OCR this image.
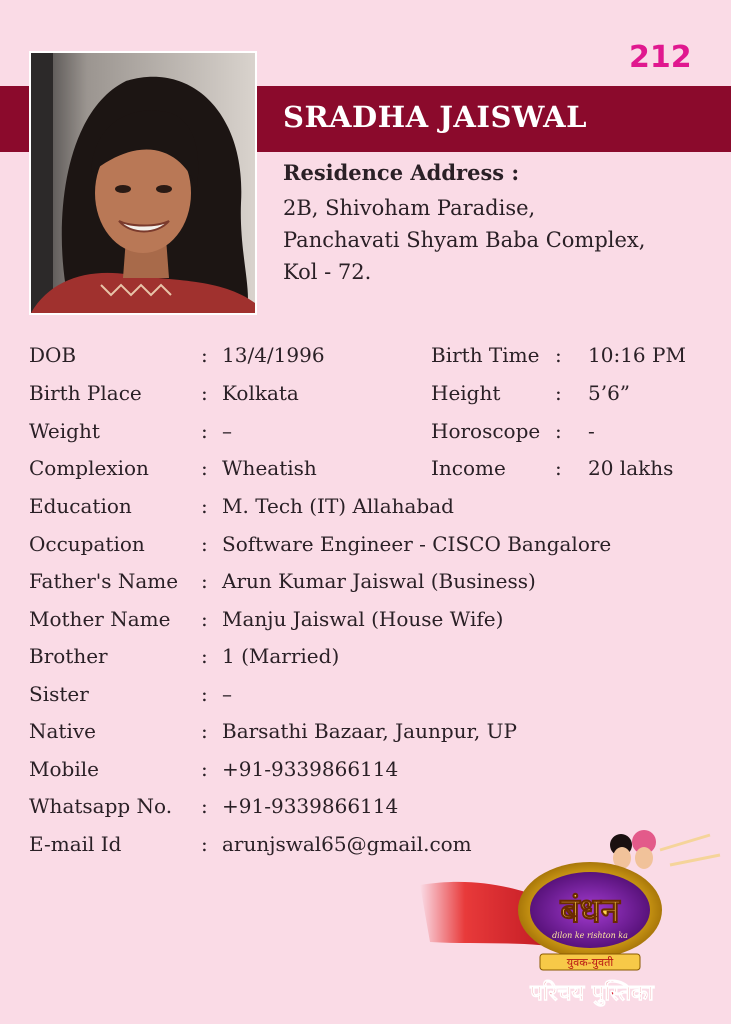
SRADHA JAISWAL
212
Residence Address :
2B, Shivoham Paradise,
Panchavati Shyam Baba Complex,
Kol - 72.
DOB	: 13/4/1996	Birth Time : 10:16 PM
Birth Place	: Kolkata	Height	: 5’6”
Weight	: –	Horoscope : -
Complexion	: Wheatish	Income : 20 lakhs
Education	: M. Tech (IT) Allahabad
Occupation	: Software Engineer - CISCO Bangalore
Father's Name : Arun Kumar Jaiswal (Business)
Mother Name : Manju Jaiswal (House Wife)
Brother	: 1 (Married)
Sister	: –
Native	: Barsathi Bazaar, Jaunpur, UP
Mobile	: +91-9339866114
Whatsapp No. : +91-9339866114
E-mail Id	: arunjswal65@gmail.com
बंधन
dilon ke rishton ka
युवक-युवती
परिचय पुस्तिका
